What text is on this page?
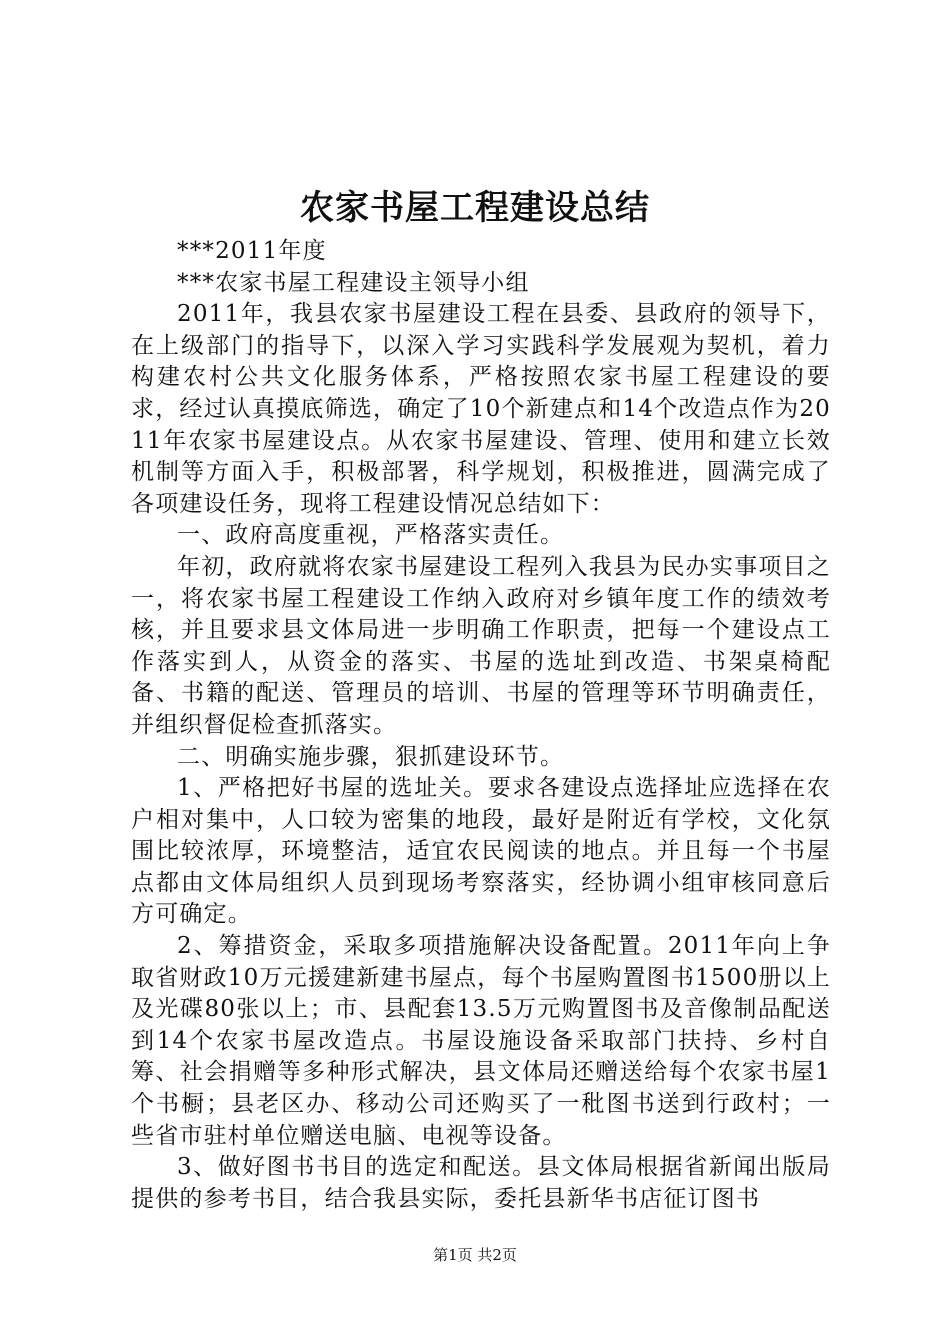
农家书屋工程建设总结

***2011年度

***农家书屋工程建设主领导小组

2011年，我县农家书屋建设工程在县委、县政府的领导下，在上级部门的指导下，以深入学习实践科学发展观为契机，着力构建农村公共文化服务体系，严格按照农家书屋工程建设的要求，经过认真摸底筛选，确定了10个新建点和14个改造点作为2011年农家书屋建设点。从农家书屋建设、管理、使用和建立长效机制等方面入手，积极部署，科学规划，积极推进，圆满完成了各项建设任务，现将工程建设情况总结如下：

一、政府高度重视，严格落实责任。

年初，政府就将农家书屋建设工程列入我县为民办实事项目之一，将农家书屋工程建设工作纳入政府对乡镇年度工作的绩效考核，并且要求县文体局进一步明确工作职责，把每一个建设点工作落实到人，从资金的落实、书屋的选址到改造、书架桌椅配备、书籍的配送、管理员的培训、书屋的管理等环节明确责任，并组织督促检查抓落实。

二、明确实施步骤，狠抓建设环节。

1、严格把好书屋的选址关。要求各建设点选择址应选择在农户相对集中，人口较为密集的地段，最好是附近有学校，文化氛围比较浓厚，环境整洁，适宜农民阅读的地点。并且每一个书屋点都由文体局组织人员到现场考察落实，经协调小组审核同意后方可确定。

2、筹措资金，采取多项措施解决设备配置。2011年向上争取省财政10万元援建新建书屋点，每个书屋购置图书1500册以上及光碟80张以上；市、县配套13.5万元购置图书及音像制品配送到14个农家书屋改造点。书屋设施设备采取部门扶持、乡村自筹、社会捐赠等多种形式解决，县文体局还赠送给每个农家书屋1个书橱；县老区办、移动公司还购买了一秕图书送到行政村；一些省市驻村单位赠送电脑、电视等设备。

3、做好图书书目的选定和配送。县文体局根据省新闻出版局提供的参考书目，结合我县实际，委托县新华书店征订图书

第1页 共2页
